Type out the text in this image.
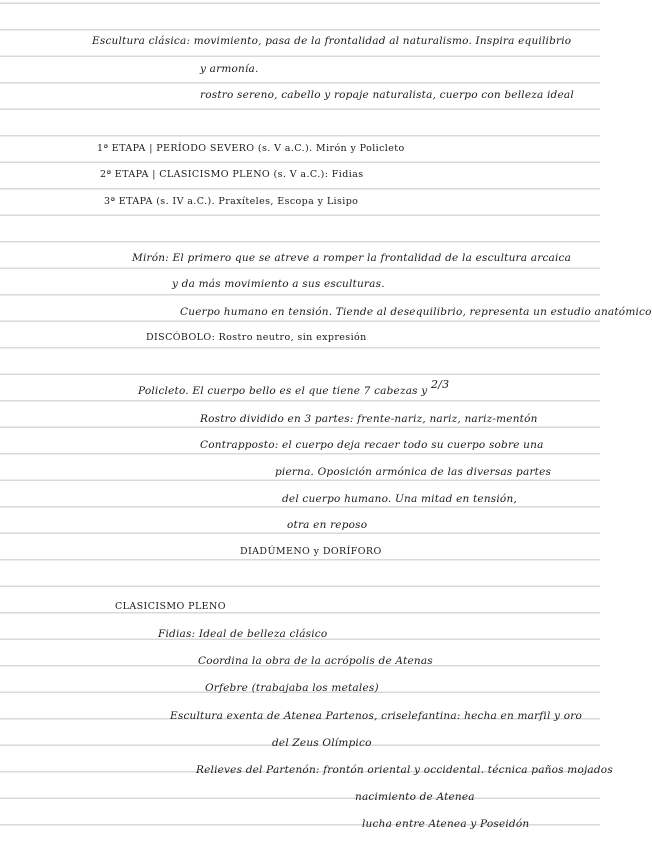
Escultura clásica: movimiento, pasa de la frontalidad al naturalismo. Inspira equilibrio
y armonía.
rostro sereno, cabello y ropaje naturalista, cuerpo con belleza ideal
1ª ETAPA | PERÍODO SEVERO (s. V a.C.). Mirón y Policleto
2ª ETAPA | CLASICISMO PLENO (s. V a.C.): Fidias
3ª ETAPA (s. IV a.C.). Praxíteles, Escopa y Lisipo
Mirón: El primero que se atreve a romper la frontalidad de la escultura arcaica
y da más movimiento a sus esculturas.
Cuerpo humano en tensión. Tiende al desequilibrio, representa un estudio anatómico
DISCÓBOLO: Rostro neutro, sin expresión
Policleto. El cuerpo bello es el que tiene 7 cabezas y 2/3
Rostro dividido en 3 partes: frente-nariz, nariz, nariz-mentón
Contrapposto: el cuerpo deja recaer todo su cuerpo sobre una
pierna. Oposición armónica de las diversas partes
del cuerpo humano. Una mitad en tensión,
otra en reposo
DIADÚMENO y DORÍFORO
CLASICISMO PLENO
Fidias: Ideal de belleza clásico
Coordina la obra de la acrópolis de Atenas
Orfebre (trabajaba los metales)
Escultura exenta de Atenea Partenos, criselefantina: hecha en marfil y oro
del Zeus Olímpico
Relieves del Partenón: frontón oriental y occidental. técnica paños mojados
nacimiento de Atenea
lucha entre Atenea y Poseidón
